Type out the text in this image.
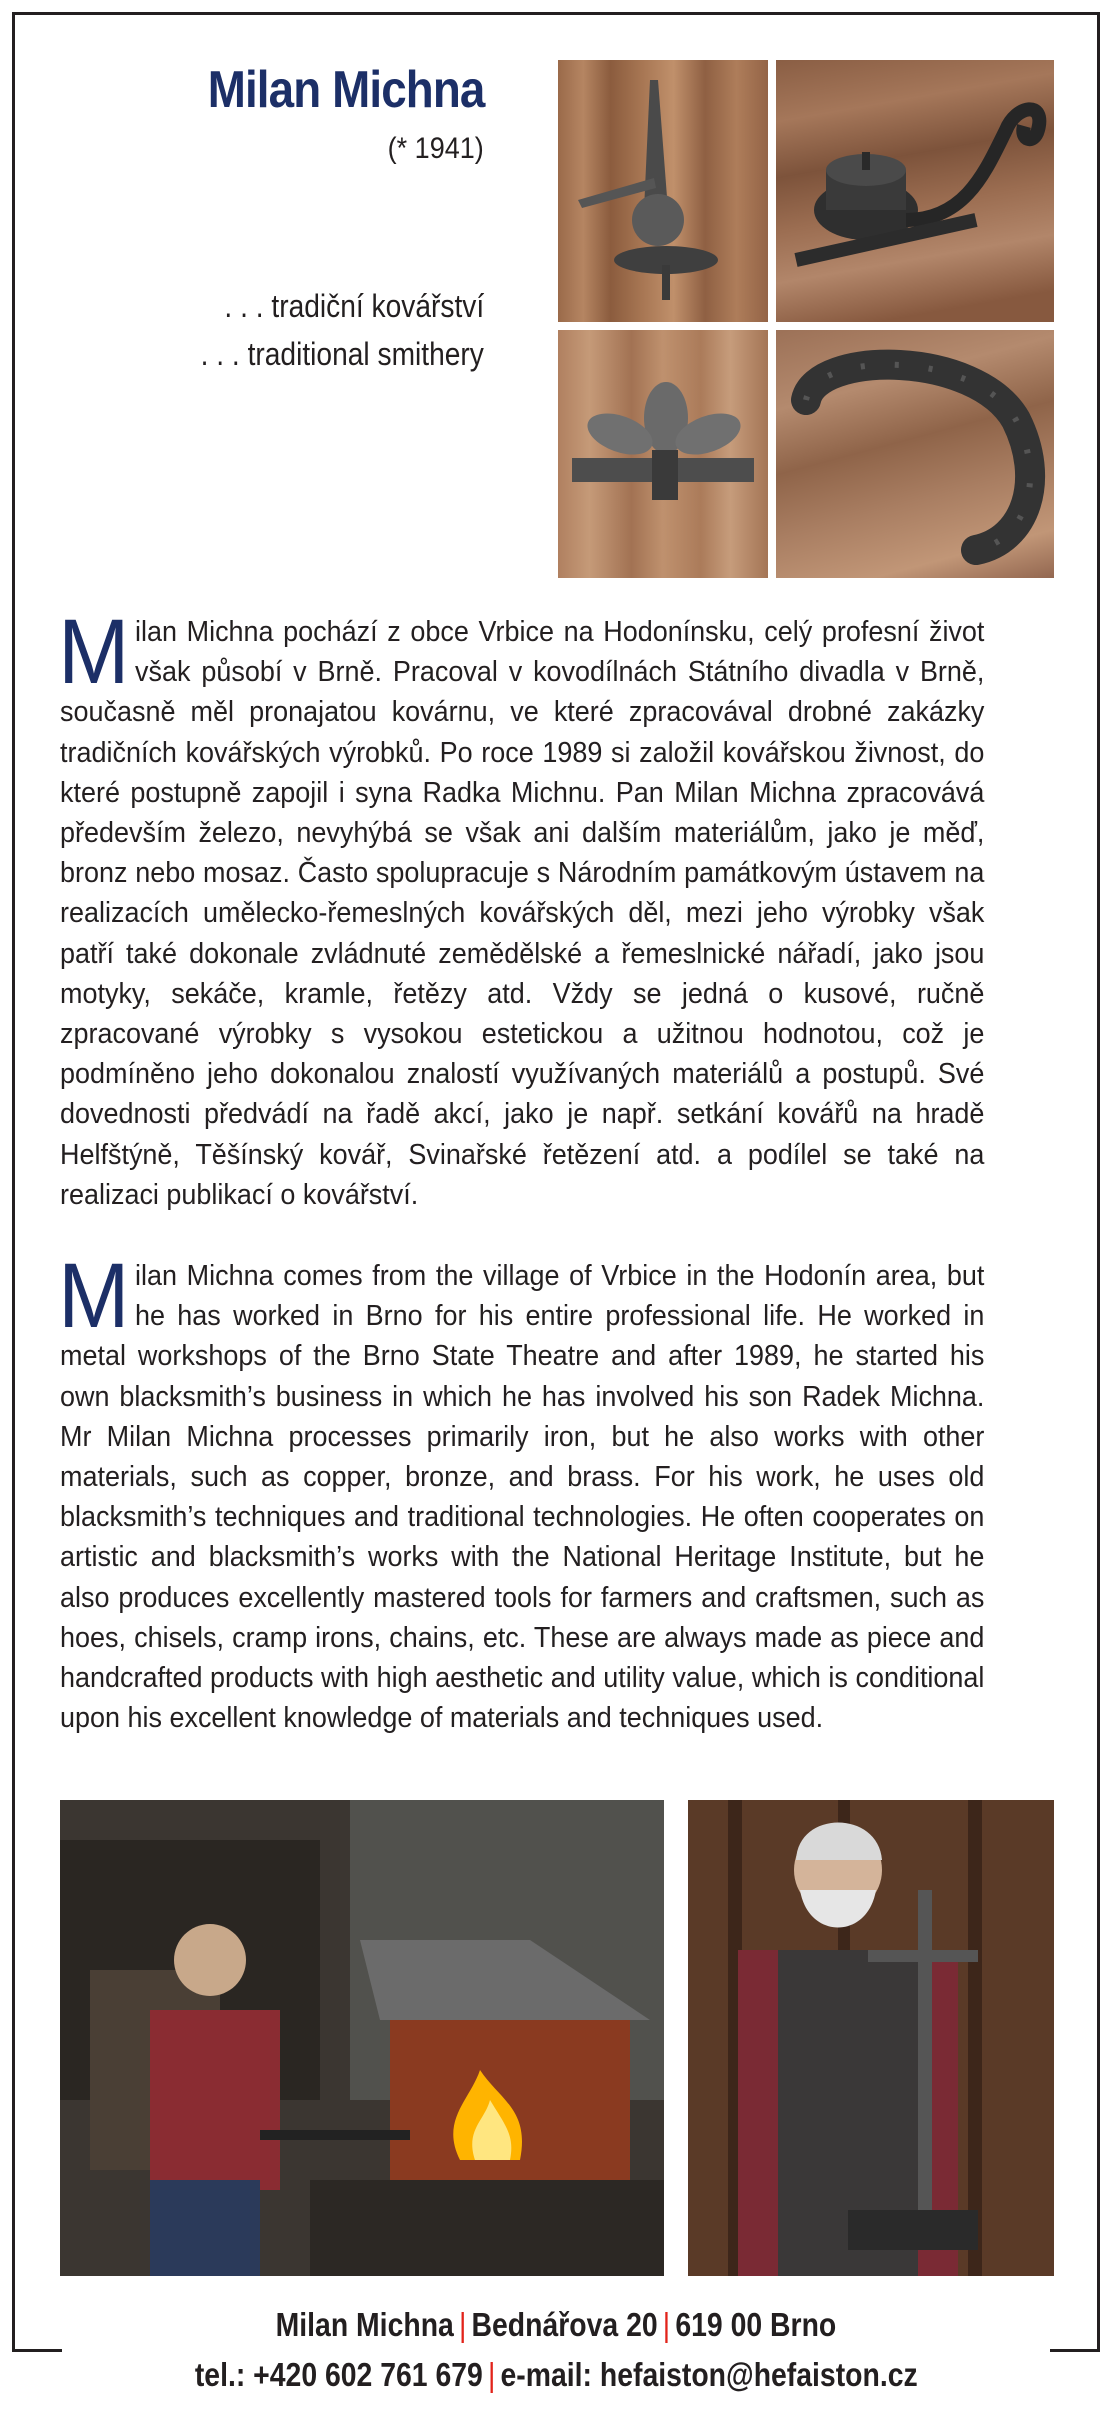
Milan Michna
(* 1941)
. . . tradiční kovářství
. . . traditional smithery
Milan Michna pochází z obce Vrbice na Hodonínsku, celý profesní život však působí v Brně. Pracoval v kovodílnách Státního divadla v Brně, současně měl pronajatou kovárnu, ve které zpracovával drobné zakázky tradičních kovářských výrobků. Po roce 1989 si založil kovářskou živnost, do které postupně zapojil i syna Radka Michnu. Pan Milan Michna zpracovává především železo, nevyhýbá se však ani dalším materiálům, jako je měď, bronz nebo mosaz. Často spolupracuje s Národním památkovým ústavem na realizacích umělecko-řemeslných kovářských děl, mezi jeho výrobky však patří také dokonale zvládnuté zemědělské a řemeslnické nářadí, jako jsou motyky, sekáče, kramle, řetězy atd. Vždy se jedná o kusové, ručně zpracované výrobky s vysokou estetickou a užitnou hodnotou, což je podmíněno jeho dokonalou znalostí využívaných materiálů a postupů. Své dovednosti předvádí na řadě akcí, jako je např. setkání kovářů na hradě Helfštýně, Těšínský kovář, Svinařské řetězení atd. a podílel se také na realizaci publikací o kovářství.
Milan Michna comes from the village of Vrbice in the Hodonín area, but he has worked in Brno for his entire professional life. He worked in metal workshops of the Brno State Theatre and after 1989, he started his own blacksmith’s business in which he has involved his son Radek Michna. Mr Milan Michna processes primarily iron, but he also works with other materials, such as copper, bronze, and brass. For his work, he uses old blacksmith’s techniques and traditional technologies. He often cooperates on artistic and blacksmith’s works with the National Heritage Institute, but he also produces excellently mastered tools for farmers and craftsmen, such as hoes, chisels, cramp irons, chains, etc. These are always made as piece and handcrafted products with high aesthetic and utility value, which is conditional upon his excellent knowledge of materials and techniques used.
Milan Michna | Bednářova 20 | 619 00 Brno
tel.: +420 602 761 679 | e-mail: hefaiston@hefaiston.cz
